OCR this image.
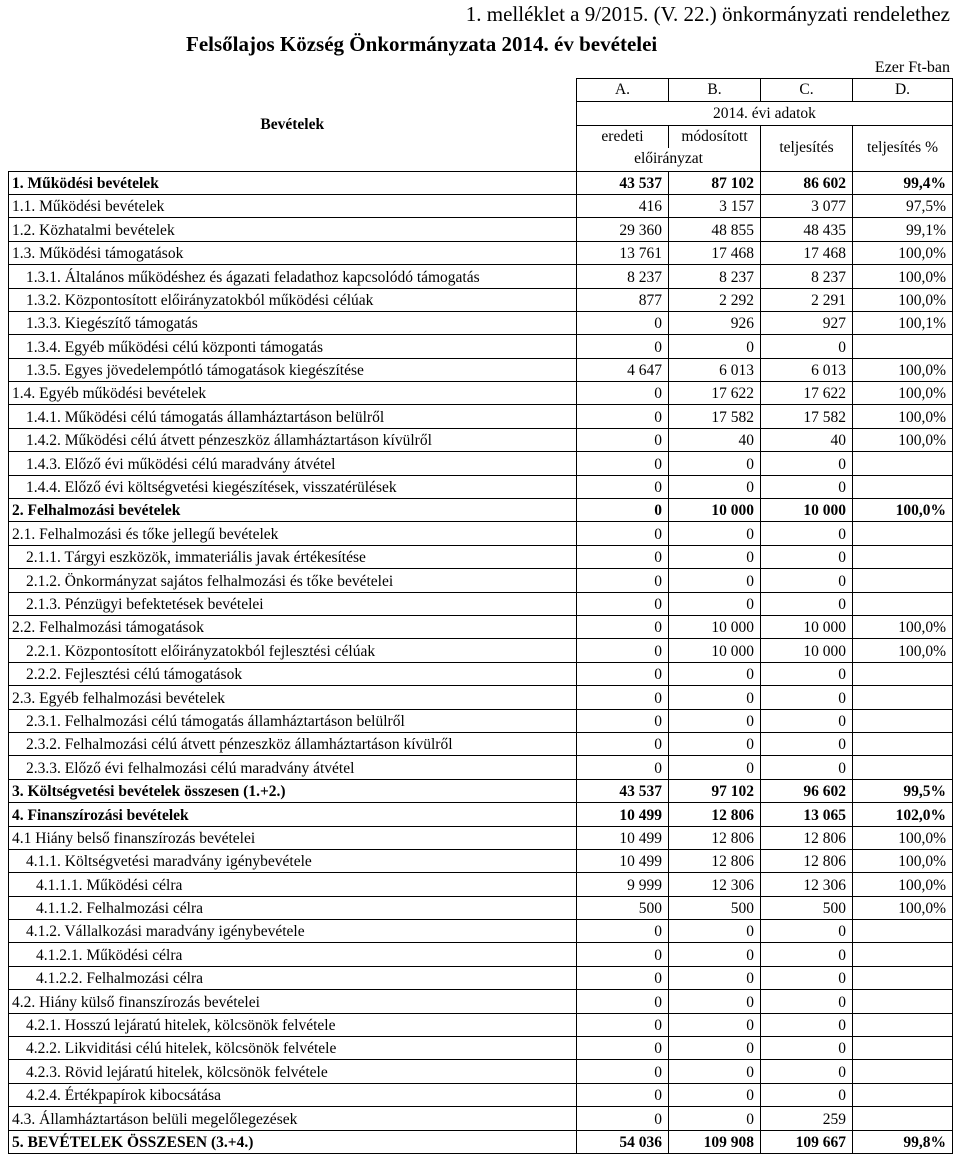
1. melléklet a 9/2015. (V. 22.) önkormányzati rendelethez
Felsőlajos Község Önkormányzata 2014. év bevételei
Ezer Ft-ban
Bevételek	A.	B.	C.	D.
	2014. évi adatok			
	eredeti	módosított	teljesítés	teljesítés %
	előirányzat			
1. Működési bevételek	43 537	87 102	86 602	99,4%
1.1. Működési bevételek	416	3 157	3 077	97,5%
1.2. Közhatalmi bevételek	29 360	48 855	48 435	99,1%
1.3. Működési támogatások	13 761	17 468	17 468	100,0%
1.3.1. Általános működéshez és ágazati feladathoz kapcsolódó támogatás	8 237	8 237	8 237	100,0%
1.3.2. Központosított előirányzatokból működési célúak	877	2 292	2 291	100,0%
1.3.3. Kiegészítő támogatás	0	926	927	100,1%
1.3.4. Egyéb működési célú központi támogatás	0	0	0	
1.3.5. Egyes jövedelempótló támogatások kiegészítése	4 647	6 013	6 013	100,0%
1.4. Egyéb működési bevételek	0	17 622	17 622	100,0%
1.4.1. Működési célú támogatás államháztartáson belülről	0	17 582	17 582	100,0%
1.4.2. Működési célú átvett pénzeszköz államháztartáson kívülről	0	40	40	100,0%
1.4.3. Előző évi működési célú maradvány átvétel	0	0	0	
1.4.4. Előző évi költségvetési kiegészítések, visszatérülések	0	0	0	
2. Felhalmozási bevételek	0	10 000	10 000	100,0%
2.1. Felhalmozási és tőke jellegű bevételek	0	0	0	
2.1.1. Tárgyi eszközök, immateriális javak értékesítése	0	0	0	
2.1.2. Önkormányzat sajátos felhalmozási és tőke bevételei	0	0	0	
2.1.3. Pénzügyi befektetések bevételei	0	0	0	
2.2. Felhalmozási támogatások	0	10 000	10 000	100,0%
2.2.1. Központosított előirányzatokból fejlesztési célúak	0	10 000	10 000	100,0%
2.2.2. Fejlesztési célú támogatások	0	0	0	
2.3. Egyéb felhalmozási bevételek	0	0	0	
2.3.1. Felhalmozási célú támogatás államháztartáson belülről	0	0	0	
2.3.2. Felhalmozási célú átvett pénzeszköz államháztartáson kívülről	0	0	0	
2.3.3. Előző évi felhalmozási célú maradvány átvétel	0	0	0	
3. Költségvetési bevételek összesen (1.+2.)	43 537	97 102	96 602	99,5%
4. Finanszírozási bevételek	10 499	12 806	13 065	102,0%
4.1 Hiány belső finanszírozás bevételei	10 499	12 806	12 806	100,0%
4.1.1. Költségvetési maradvány igénybevétele	10 499	12 806	12 806	100,0%
4.1.1.1. Működési célra	9 999	12 306	12 306	100,0%
4.1.1.2. Felhalmozási célra	500	500	500	100,0%
4.1.2. Vállalkozási maradvány igénybevétele	0	0	0	
4.1.2.1. Működési célra	0	0	0	
4.1.2.2. Felhalmozási célra	0	0	0	
4.2. Hiány külső finanszírozás bevételei	0	0	0	
4.2.1. Hosszú lejáratú hitelek, kölcsönök felvétele	0	0	0	
4.2.2. Likviditási célú hitelek, kölcsönök felvétele	0	0	0	
4.2.3. Rövid lejáratú hitelek, kölcsönök felvétele	0	0	0	
4.2.4. Értékpapírok kibocsátása	0	0	0	
4.3. Államháztartáson belüli megelőlegezések	0	0	259	
5. BEVÉTELEK ÖSSZESEN (3.+4.)	54 036	109 908	109 667	99,8%
